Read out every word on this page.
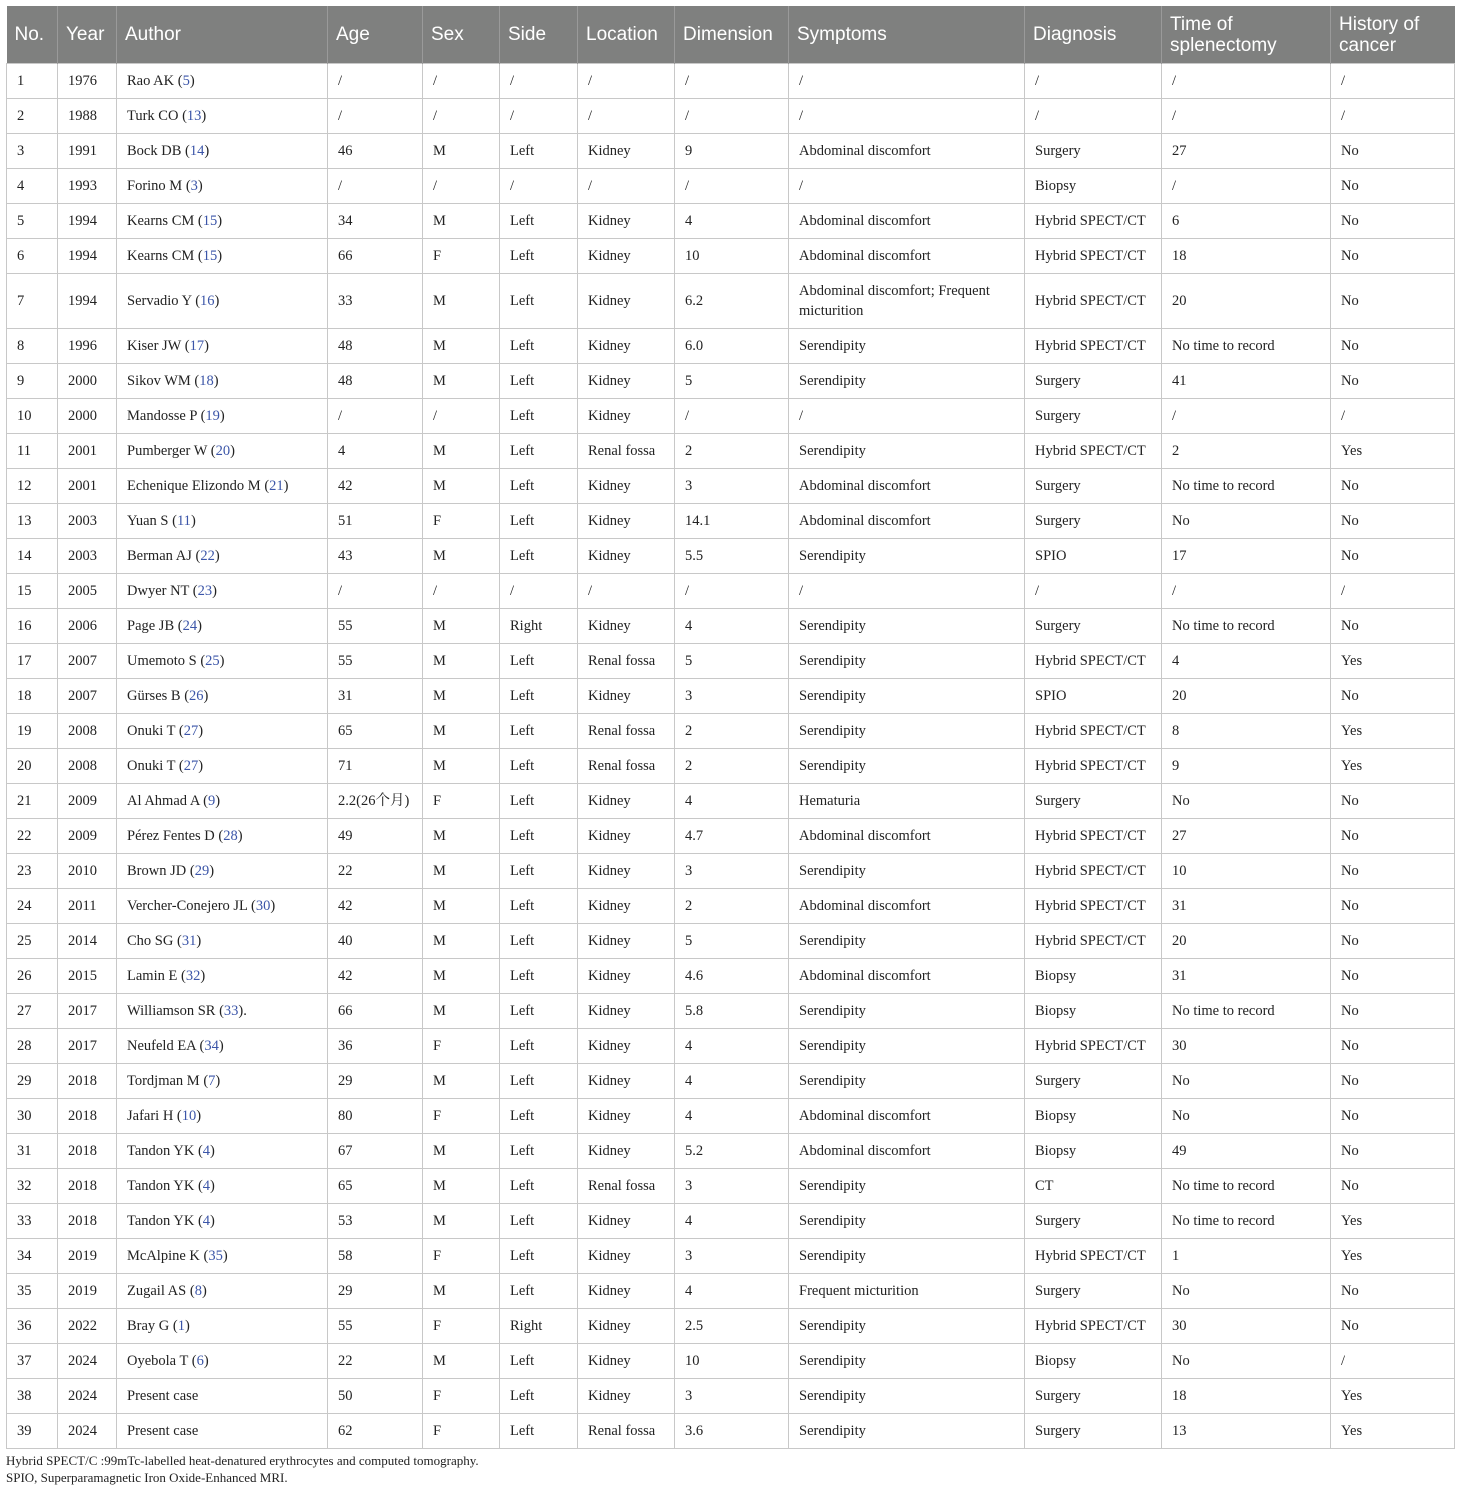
No.	Year	Author	Age	Sex	Side	Location	Dimension	Symptoms	Diagnosis	Time of splenectomy	History of cancer
1	1976	Rao AK (5)	/	/	/	/	/	/	/	/	/
2	1988	Turk CO (13)	/	/	/	/	/	/	/	/	/
3	1991	Bock DB (14)	46	M	Left	Kidney	9	Abdominal discomfort	Surgery	27	No
4	1993	Forino M (3)	/	/	/	/	/	/	Biopsy	/	No
5	1994	Kearns CM (15)	34	M	Left	Kidney	4	Abdominal discomfort	Hybrid SPECT/CT	6	No
6	1994	Kearns CM (15)	66	F	Left	Kidney	10	Abdominal discomfort	Hybrid SPECT/CT	18	No
7	1994	Servadio Y (16)	33	M	Left	Kidney	6.2	Abdominal discomfort; Frequent micturition	Hybrid SPECT/CT	20	No
8	1996	Kiser JW (17)	48	M	Left	Kidney	6.0	Serendipity	Hybrid SPECT/CT	No time to record	No
9	2000	Sikov WM (18)	48	M	Left	Kidney	5	Serendipity	Surgery	41	No
10	2000	Mandosse P (19)	/	/	Left	Kidney	/	/	Surgery	/	/
11	2001	Pumberger W (20)	4	M	Left	Renal fossa	2	Serendipity	Hybrid SPECT/CT	2	Yes
12	2001	Echenique Elizondo M (21)	42	M	Left	Kidney	3	Abdominal discomfort	Surgery	No time to record	No
13	2003	Yuan S (11)	51	F	Left	Kidney	14.1	Abdominal discomfort	Surgery	No	No
14	2003	Berman AJ (22)	43	M	Left	Kidney	5.5	Serendipity	SPIO	17	No
15	2005	Dwyer NT (23)	/	/	/	/	/	/	/	/	/
16	2006	Page JB (24)	55	M	Right	Kidney	4	Serendipity	Surgery	No time to record	No
17	2007	Umemoto S (25)	55	M	Left	Renal fossa	5	Serendipity	Hybrid SPECT/CT	4	Yes
18	2007	Gürses B (26)	31	M	Left	Kidney	3	Serendipity	SPIO	20	No
19	2008	Onuki T (27)	65	M	Left	Renal fossa	2	Serendipity	Hybrid SPECT/CT	8	Yes
20	2008	Onuki T (27)	71	M	Left	Renal fossa	2	Serendipity	Hybrid SPECT/CT	9	Yes
21	2009	Al Ahmad A (9)	2.2(26个月)	F	Left	Kidney	4	Hematuria	Surgery	No	No
22	2009	Pérez Fentes D (28)	49	M	Left	Kidney	4.7	Abdominal discomfort	Hybrid SPECT/CT	27	No
23	2010	Brown JD (29)	22	M	Left	Kidney	3	Serendipity	Hybrid SPECT/CT	10	No
24	2011	Vercher-Conejero JL (30)	42	M	Left	Kidney	2	Abdominal discomfort	Hybrid SPECT/CT	31	No
25	2014	Cho SG (31)	40	M	Left	Kidney	5	Serendipity	Hybrid SPECT/CT	20	No
26	2015	Lamin E (32)	42	M	Left	Kidney	4.6	Abdominal discomfort	Biopsy	31	No
27	2017	Williamson SR (33).	66	M	Left	Kidney	5.8	Serendipity	Biopsy	No time to record	No
28	2017	Neufeld EA (34)	36	F	Left	Kidney	4	Serendipity	Hybrid SPECT/CT	30	No
29	2018	Tordjman M (7)	29	M	Left	Kidney	4	Serendipity	Surgery	No	No
30	2018	Jafari H (10)	80	F	Left	Kidney	4	Abdominal discomfort	Biopsy	No	No
31	2018	Tandon YK (4)	67	M	Left	Kidney	5.2	Abdominal discomfort	Biopsy	49	No
32	2018	Tandon YK (4)	65	M	Left	Renal fossa	3	Serendipity	CT	No time to record	No
33	2018	Tandon YK (4)	53	M	Left	Kidney	4	Serendipity	Surgery	No time to record	Yes
34	2019	McAlpine K (35)	58	F	Left	Kidney	3	Serendipity	Hybrid SPECT/CT	1	Yes
35	2019	Zugail AS (8)	29	M	Left	Kidney	4	Frequent micturition	Surgery	No	No
36	2022	Bray G (1)	55	F	Right	Kidney	2.5	Serendipity	Hybrid SPECT/CT	30	No
37	2024	Oyebola T (6)	22	M	Left	Kidney	10	Serendipity	Biopsy	No	/
38	2024	Present case	50	F	Left	Kidney	3	Serendipity	Surgery	18	Yes
39	2024	Present case	62	F	Left	Renal fossa	3.6	Serendipity	Surgery	13	Yes
Hybrid SPECT/C :99mTc-labelled heat-denatured erythrocytes and computed tomography.
SPIO, Superparamagnetic Iron Oxide-Enhanced MRI.
